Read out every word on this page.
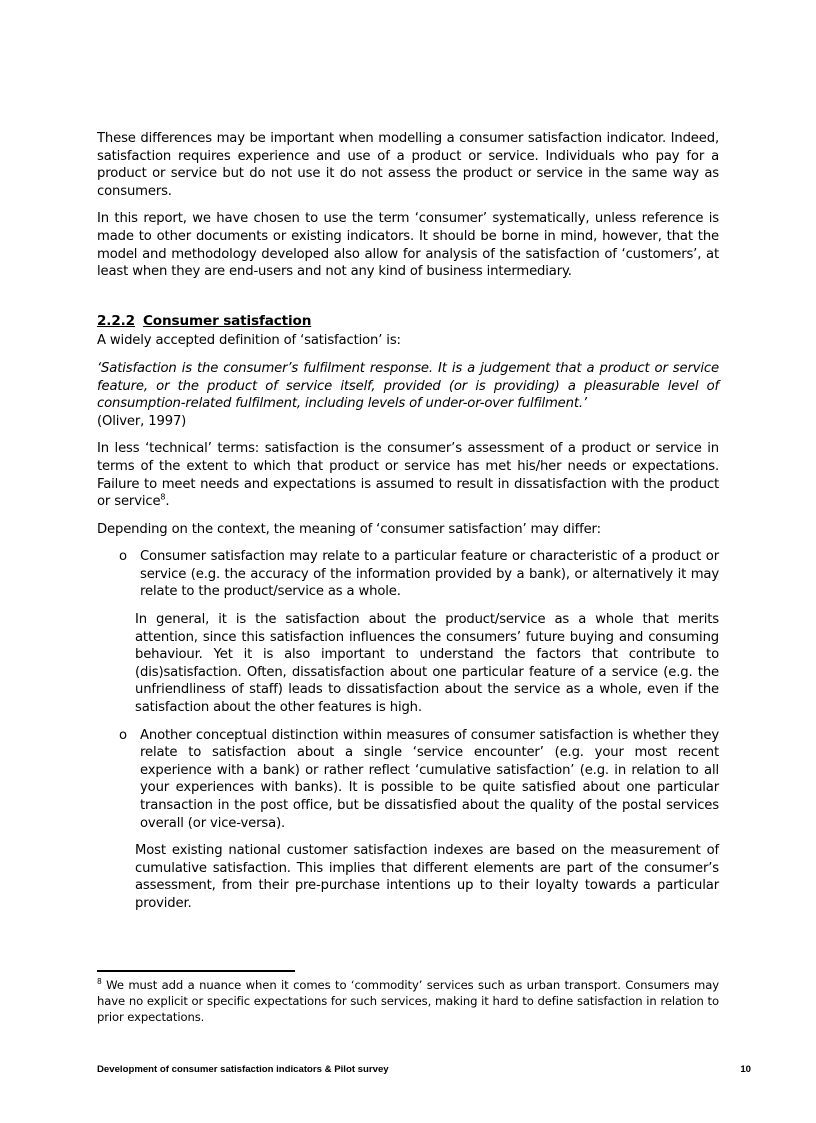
These differences may be important when modelling a consumer satisfaction indicator. Indeed, satisfaction requires experience and use of a product or service. Individuals who pay for a product or service but do not use it do not assess the product or service in the same way as consumers.

In this report, we have chosen to use the term ‘consumer’ systematically, unless reference is made to other documents or existing indicators. It should be borne in mind, however, that the model and methodology developed also allow for analysis of the satisfaction of ‘customers’, at least when they are end-users and not any kind of business intermediary.

2.2.2 Consumer satisfaction

A widely accepted definition of ‘satisfaction’ is:

‘Satisfaction is the consumer’s fulfilment response. It is a judgement that a product or service feature, or the product of service itself, provided (or is providing) a pleasurable level of consumption-related fulfilment, including levels of under-or-over fulfilment.’

(Oliver, 1997)

In less ‘technical’ terms: satisfaction is the consumer’s assessment of a product or service in terms of the extent to which that product or service has met his/her needs or expectations. Failure to meet needs and expectations is assumed to result in dissatisfaction with the product or service$^8$.

Depending on the context, the meaning of ‘consumer satisfaction’ may differ:

o Consumer satisfaction may relate to a particular feature or characteristic of a product or service (e.g. the accuracy of the information provided by a bank), or alternatively it may relate to the product/service as a whole.

In general, it is the satisfaction about the product/service as a whole that merits attention, since this satisfaction influences the consumers’ future buying and consuming behaviour. Yet it is also important to understand the factors that contribute to (dis)satisfaction. Often, dissatisfaction about one particular feature of a service (e.g. the unfriendliness of staff) leads to dissatisfaction about the service as a whole, even if the satisfaction about the other features is high.

o Another conceptual distinction within measures of consumer satisfaction is whether they relate to satisfaction about a single ‘service encounter’ (e.g. your most recent experience with a bank) or rather reflect ‘cumulative satisfaction’ (e.g. in relation to all your experiences with banks). It is possible to be quite satisfied about one particular transaction in the post office, but be dissatisfied about the quality of the postal services overall (or vice-versa).

Most existing national customer satisfaction indexes are based on the measurement of cumulative satisfaction. This implies that different elements are part of the consumer’s assessment, from their pre-purchase intentions up to their loyalty towards a particular provider.

$^8$ We must add a nuance when it comes to ‘commodity’ services such as urban transport. Consumers may have no explicit or specific expectations for such services, making it hard to define satisfaction in relation to prior expectations.
Development of consumer satisfaction indicators & Pilot survey	10
